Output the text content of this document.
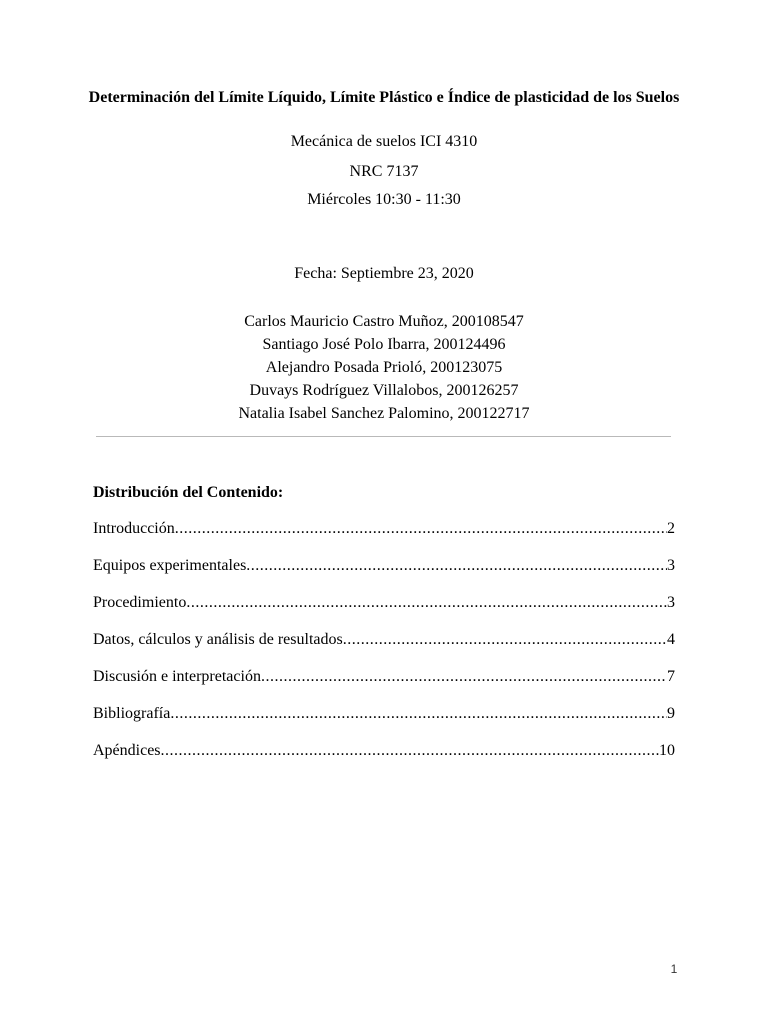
Determinación del Límite Líquido, Límite Plástico e Índice de plasticidad de los Suelos
Mecánica de suelos ICI 4310
NRC 7137
Miércoles 10:30 - 11:30
Fecha: Septiembre 23, 2020
Carlos Mauricio Castro Muñoz, 200108547
Santiago José Polo Ibarra, 200124496
Alejandro Posada Prioló, 200123075
Duvays Rodríguez Villalobos, 200126257
Natalia Isabel Sanchez Palomino, 200122717
Distribución del Contenido:
Introducción .....	2
Equipos experimentales .....	3
Procedimiento .....	3
Datos, cálculos y análisis de resultados .....	4
Discusión e interpretación .....	7
Bibliografía .....	9
Apéndices .....	10
1
